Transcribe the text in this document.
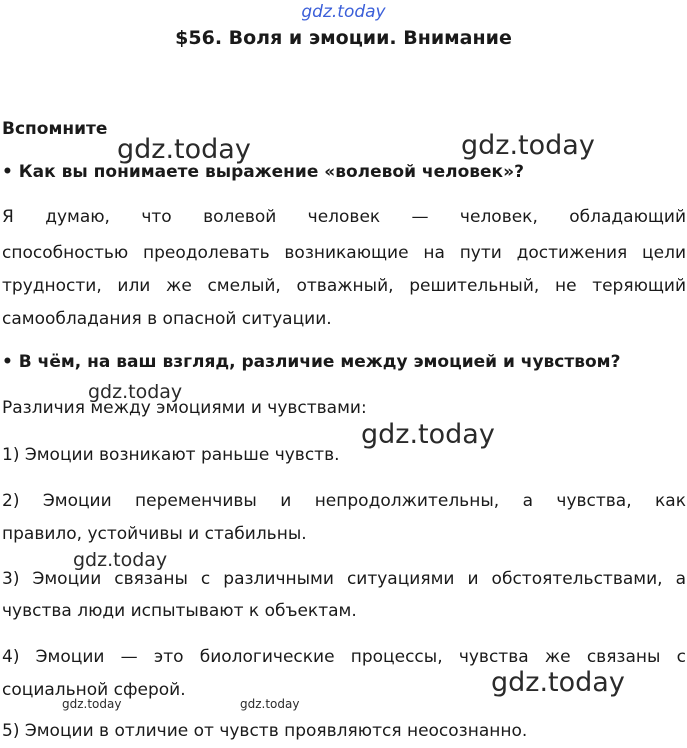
gdz.today
$56. Воля и эмоции. Внимание
Вспомните
• Как вы понимаете выражение «волевой человек»?
Я думаю, что волевой человек — человек, обладающий
способностью преодолевать возникающие на пути достижения цели
трудности, или же смелый, отважный, решительный, не теряющий
самообладания в опасной ситуации.
• В чём, на ваш взгляд, различие между эмоцией и чувством?
Различия между эмоциями и чувствами:
1) Эмоции возникают раньше чувств.
2) Эмоции переменчивы и непродолжительны, а чувства, как
правило, устойчивы и стабильны.
3) Эмоции связаны с различными ситуациями и обстоятельствами, а
чувства люди испытывают к объектам.
4) Эмоции — это биологические процессы, чувства же связаны с
социальной сферой.
5) Эмоции в отличие от чувств проявляются неосознанно.
gdz.today	gdz.today
gdz.today
gdz.today
gdz.today
gdz.today
gdz.today	gdz.today
